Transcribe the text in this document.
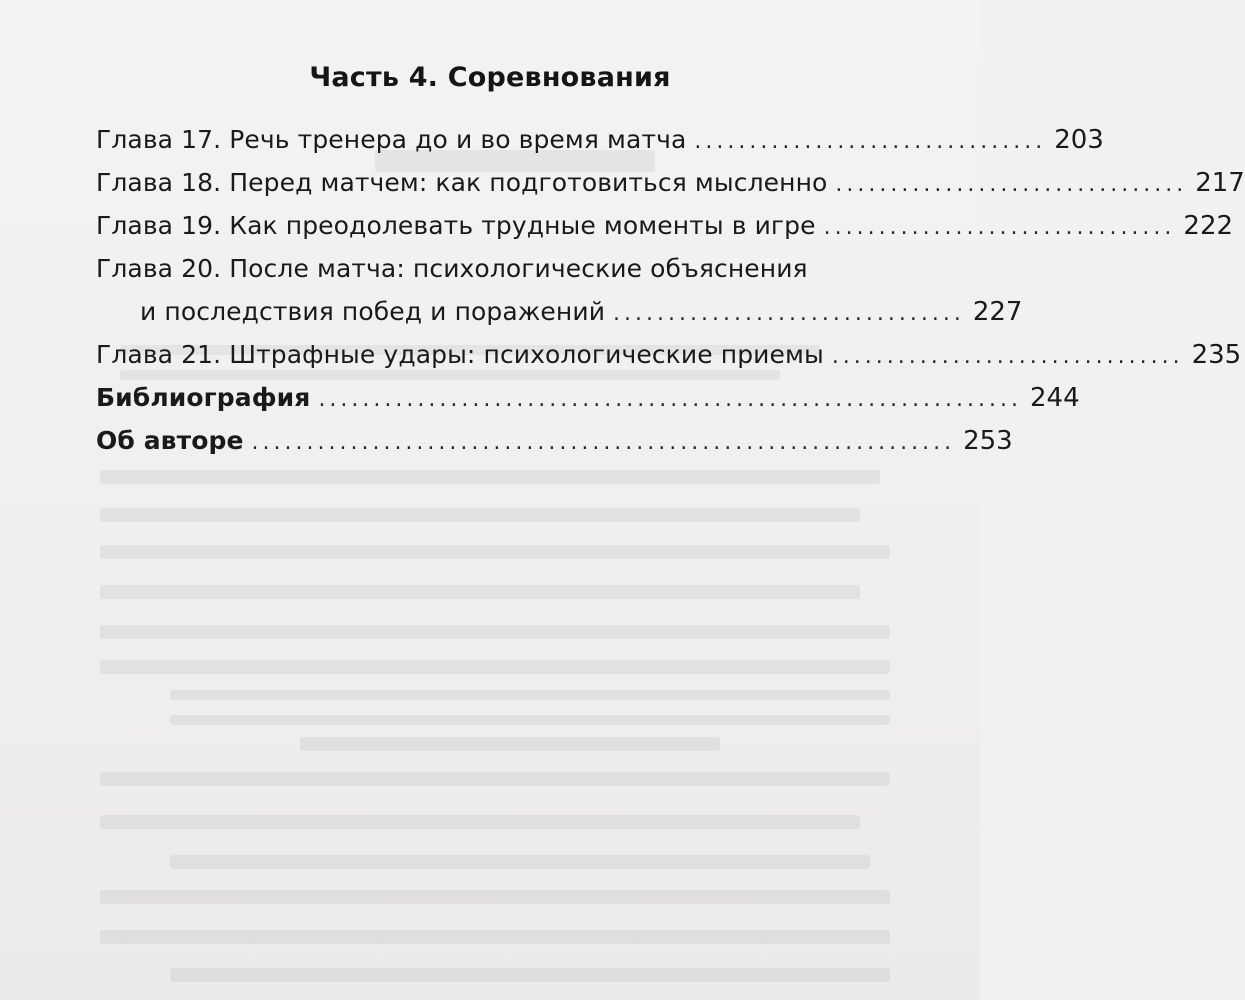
Часть 4. Соревнования
Глава 17. Речь тренера до и во время матча ................................ 203
Глава 18. Перед матчем: как подготовиться мысленно ................................ 217
Глава 19. Как преодолевать трудные моменты в игре ................................ 222
Глава 20. После матча: психологические объяснения
и последствия побед и поражений ................................ 227
Глава 21. Штрафные удары: психологические приемы ................................ 235
Библиография ................................................................ 244
Об авторе ................................................................ 253
